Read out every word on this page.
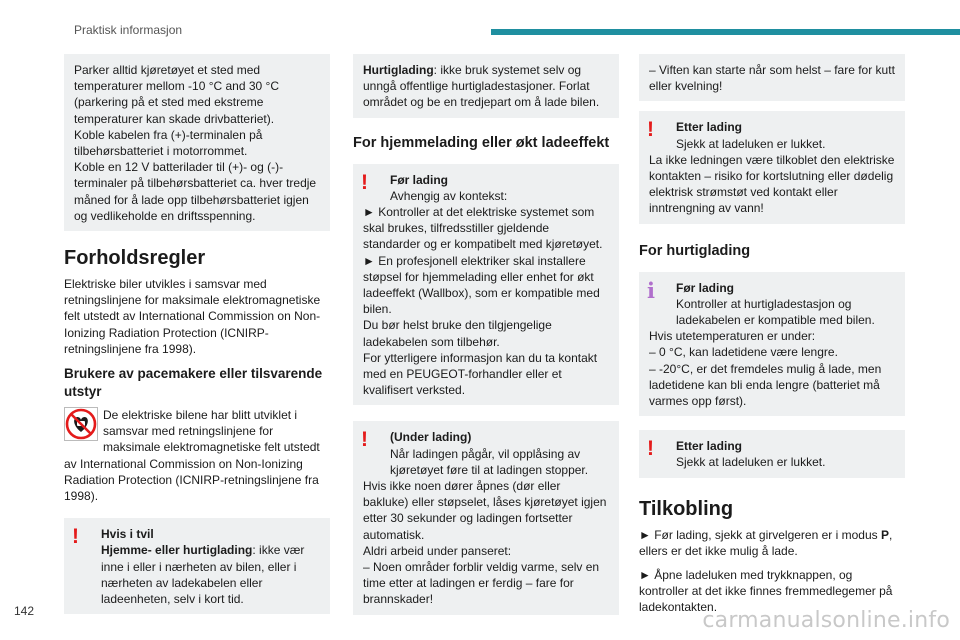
Praktisk informasjon

Parker alltid kjøretøyet et sted med temperaturer mellom -10 °C and 30 °C (parkering på et sted med ekstreme temperaturer kan skade drivbatteriet).

Koble kabelen fra (+)-terminalen på tilbehørsbatteriet i motorrommet.

Koble en 12 V batterilader til (+)- og (-)-terminaler på tilbehørsbatteriet ca. hver tredje måned for å lade opp tilbehørsbatteriet igjen og vedlikeholde en driftsspenning.

Forholdsregler

Elektriske biler utvikles i samsvar med retningslinjene for maksimale elektromagnetiske felt utstedt av International Commission on Non-Ionizing Radiation Protection (ICNIRP-retningslinjene fra 1998).

Brukere av pacemakere eller tilsvarende utstyr
De elektriske bilene har blitt utviklet i samsvar med retningslinjene for maksimale elektromagnetiske felt utstedt av International Commission on Non-Ionizing Radiation Protection (ICNIRP-retningslinjene fra 1998).
!	Hvis i tvil

Hjemme- eller hurtiglading: ikke vær inne i eller i nærheten av bilen, eller i nærheten av ladekabelen eller ladeenheten, selv i kort tid.

Hurtiglading: ikke bruk systemet selv og unngå offentlige hurtigladestasjoner. Forlat området og be en tredjepart om å lade bilen.

For hjemmelading eller økt ladeeffekt
!	Før lading

Avhengig av kontekst:

► Kontroller at det elektriske systemet som skal brukes, tilfredsstiller gjeldende standarder og er kompatibelt med kjøretøyet.

► En profesjonell elektriker skal installere støpsel for hjemmelading eller enhet for økt ladeeffekt (Wallbox), som er kompatible med bilen.

Du bør helst bruke den tilgjengelige ladekabelen som tilbehør.

For ytterligere informasjon kan du ta kontakt med en PEUGEOT-forhandler eller et kvalifisert verksted.

!	(Under lading)

Når ladingen pågår, vil opplåsing av kjøretøyet føre til at ladingen stopper.

Hvis ikke noen dører åpnes (dør eller bakluke) eller støpselet, låses kjøretøyet igjen etter 30 sekunder og ladingen fortsetter automatisk.

Aldri arbeid under panseret:

– Noen områder forblir veldig varme, selv en time etter at ladingen er ferdig – fare for brannskader!

– Viften kan starte når som helst – fare for kutt eller kvelning!

!	Etter lading

Sjekk at ladeluken er lukket.

La ikke ledningen være tilkoblet den elektriske kontakten – risiko for kortslutning eller dødelig elektrisk strømstøt ved kontakt eller inntrengning av vann!

For hurtiglading
i	Før lading

Kontroller at hurtigladestasjon og ladekabelen er kompatible med bilen.

Hvis utetemperaturen er under:

– 0 °C, kan ladetidene være lengre.

– -20°C, er det fremdeles mulig å lade, men ladetidene kan bli enda lengre (batteriet må varmes opp først).

!	Etter lading

Sjekk at ladeluken er lukket.

Tilkobling

► Før lading, sjekk at girvelgeren er i modus P, ellers er det ikke mulig å lade.

► Åpne ladeluken med trykknappen, og kontroller at det ikke finnes fremmedlegemer på ladekontakten.

142	carmanualsonline.info
